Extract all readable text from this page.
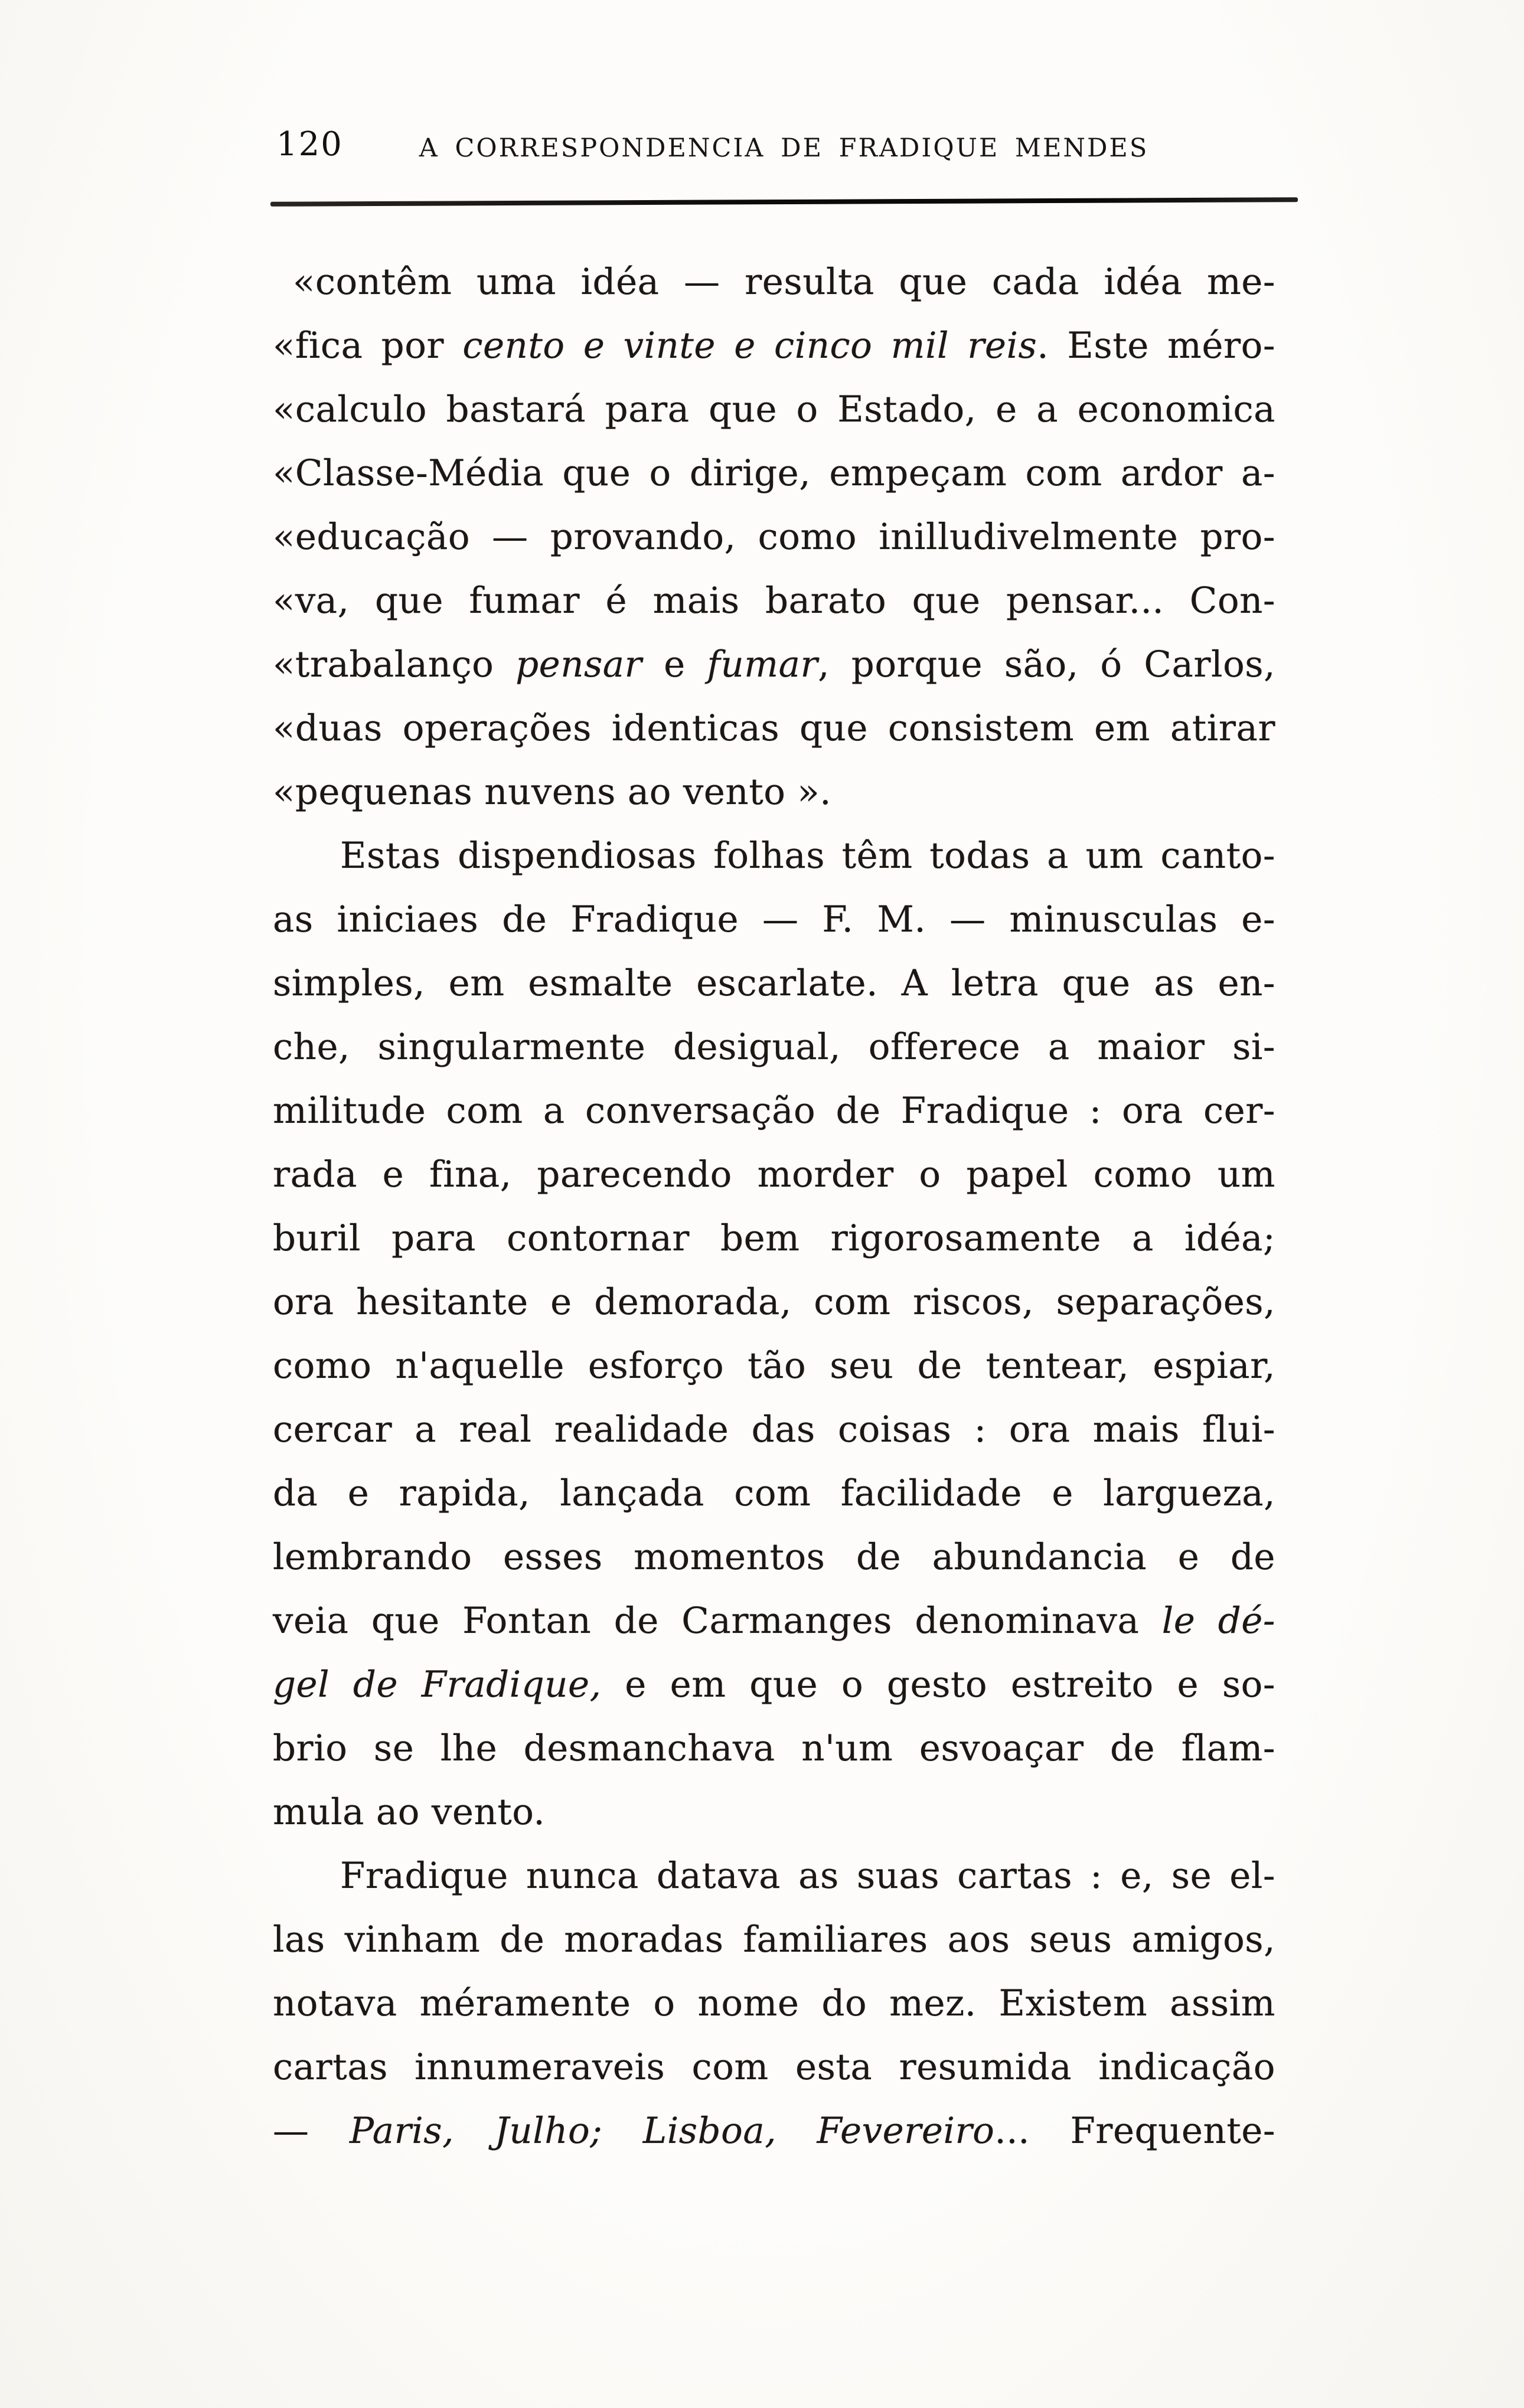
120	A CORRESPONDENCIA DE FRADIQUE MENDES
«contêm uma idéa — resulta que cada idéa me-
«fica por cento e vinte e cinco mil reis. Este méro-
«calculo bastará para que o Estado, e a economica
«Classe-Média que o dirige, empeçam com ardor a-
«educação — provando, como inilludivelmente pro-
«va, que fumar é mais barato que pensar... Con-
«trabalanço pensar e fumar, porque são, ó Carlos,
«duas operações identicas que consistem em atirar
«pequenas nuvens ao vento ».
Estas dispendiosas folhas têm todas a um canto-
as iniciaes de Fradique — F. M. — minusculas e-
simples, em esmalte escarlate. A letra que as en-
che, singularmente desigual, offerece a maior si-
militude com a conversação de Fradique : ora cer-
rada e fina, parecendo morder o papel como um
buril para contornar bem rigorosamente a idéa;
ora hesitante e demorada, com riscos, separações,
como n'aquelle esforço tão seu de tentear, espiar,
cercar a real realidade das coisas : ora mais flui-
da e rapida, lançada com facilidade e largueza,
lembrando esses momentos de abundancia e de
veia que Fontan de Carmanges denominava le dé-
gel de Fradique, e em que o gesto estreito e so-
brio se lhe desmanchava n'um esvoaçar de flam-
mula ao vento.
Fradique nunca datava as suas cartas : e, se el-
las vinham de moradas familiares aos seus amigos,
notava méramente o nome do mez. Existem assim
cartas innumeraveis com esta resumida indicação
— Paris, Julho; Lisboa, Fevereiro... Frequente-
